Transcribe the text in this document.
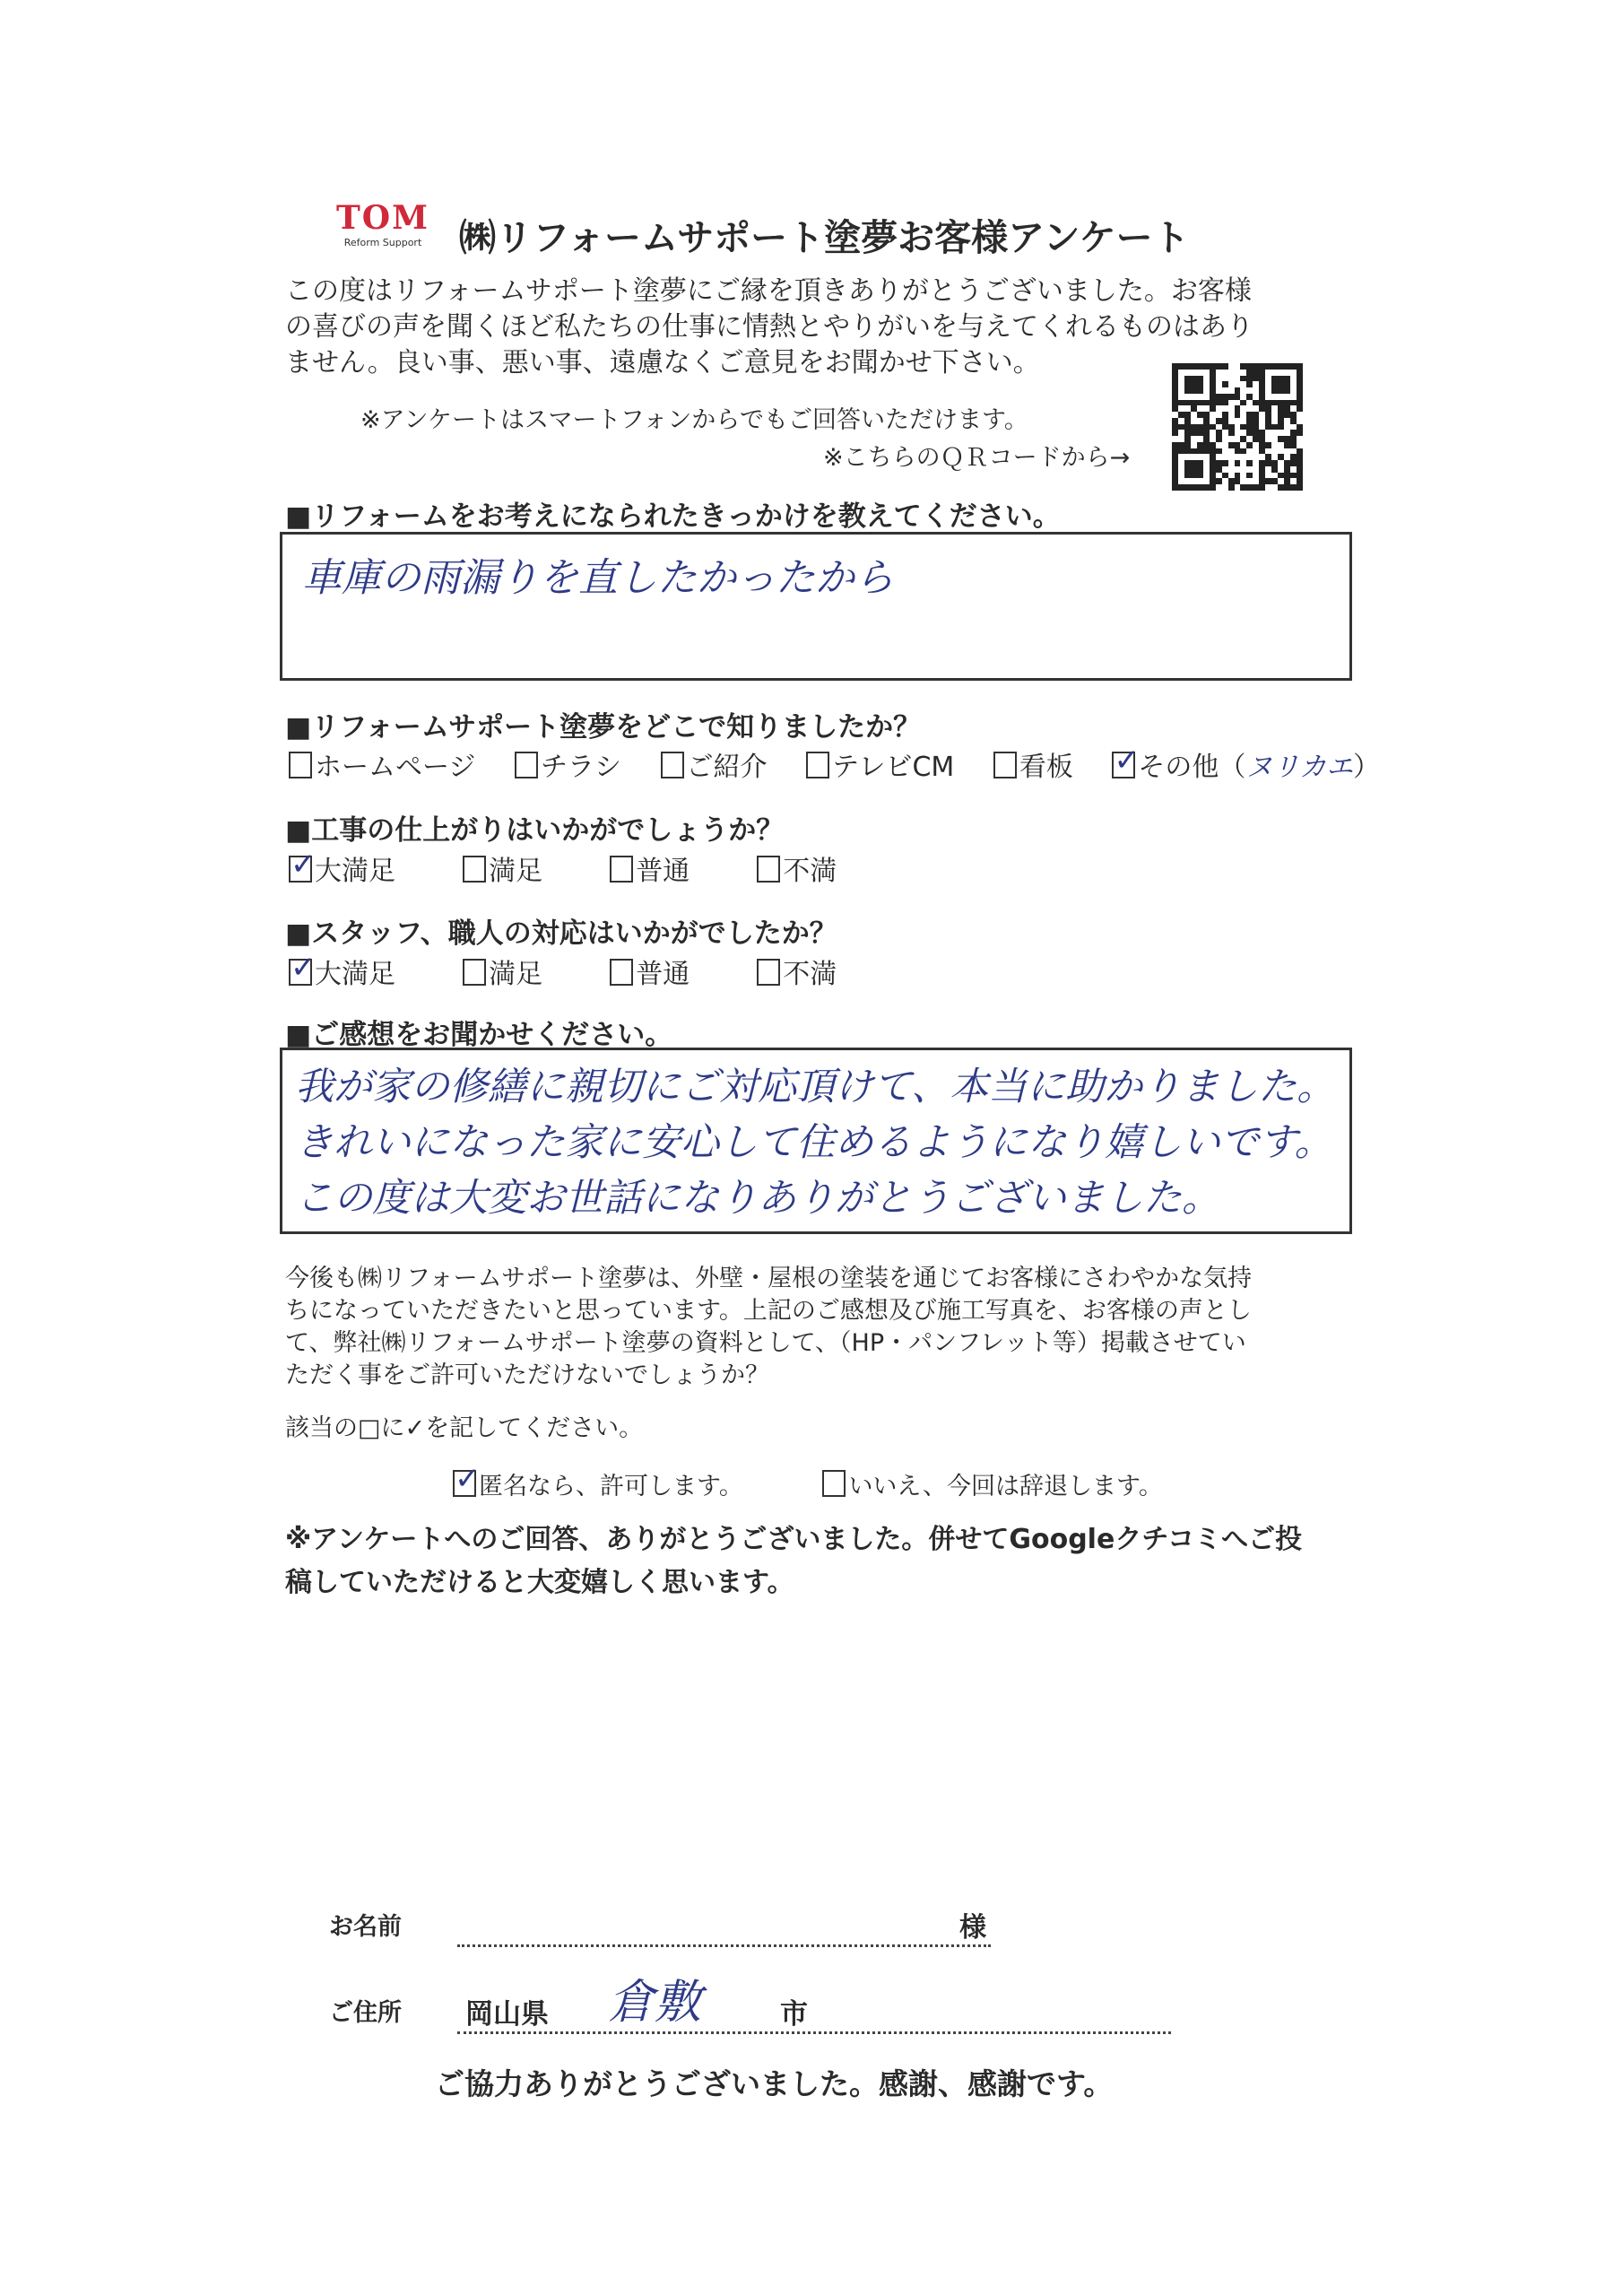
TOM
Reform Support ㈱リフォームサポート塗夢お客様アンケート
この度はリフォームサポート塗夢にご縁を頂きありがとうございました。お客様
の喜びの声を聞くほど私たちの仕事に情熱とやりがいを与えてくれるものはあり
ません。良い事、悪い事、遠慮なくご意見をお聞かせ下さい。
※アンケートはスマートフォンからでもご回答いただけます。
※こちらのＱＲコードから→
■リフォームをお考えになられたきっかけを教えてください。
車庫の雨漏りを直したかったから
■リフォームサポート塗夢をどこで知りましたか？
ホームページ チラシ ご紹介 テレビCM 看板 ✓ その他（ヌリカエ）
■工事の仕上がりはいかがでしょうか？
✓大満足	満足	普通	不満
■スタッフ、職人の対応はいかがでしたか？
✓大満足	満足	普通	不満
■ご感想をお聞かせください。
我が家の修繕に親切にご対応頂けて、本当に助かりました。
きれいになった家に安心して住めるようになり嬉しいです。
この度は大変お世話になりありがとうございました。
今後も㈱リフォームサポート塗夢は、外壁・屋根の塗装を通じてお客様にさわやかな気持
ちになっていただきたいと思っています。上記のご感想及び施工写真を、お客様の声とし
て、弊社㈱リフォームサポート塗夢の資料として、（HP・パンフレット等）掲載させてい
ただく事をご許可いただけないでしょうか？
該当の□に✓を記してください。
✓匿名なら、許可します。	いいえ、今回は辞退します。
※アンケートへのご回答、ありがとうございました。併せてGoogleクチコミへご投
稿していただけると大変嬉しく思います。
お名前	様
ご住所 岡山県 倉敷	市
ご協力ありがとうございました。感謝、感謝です。
